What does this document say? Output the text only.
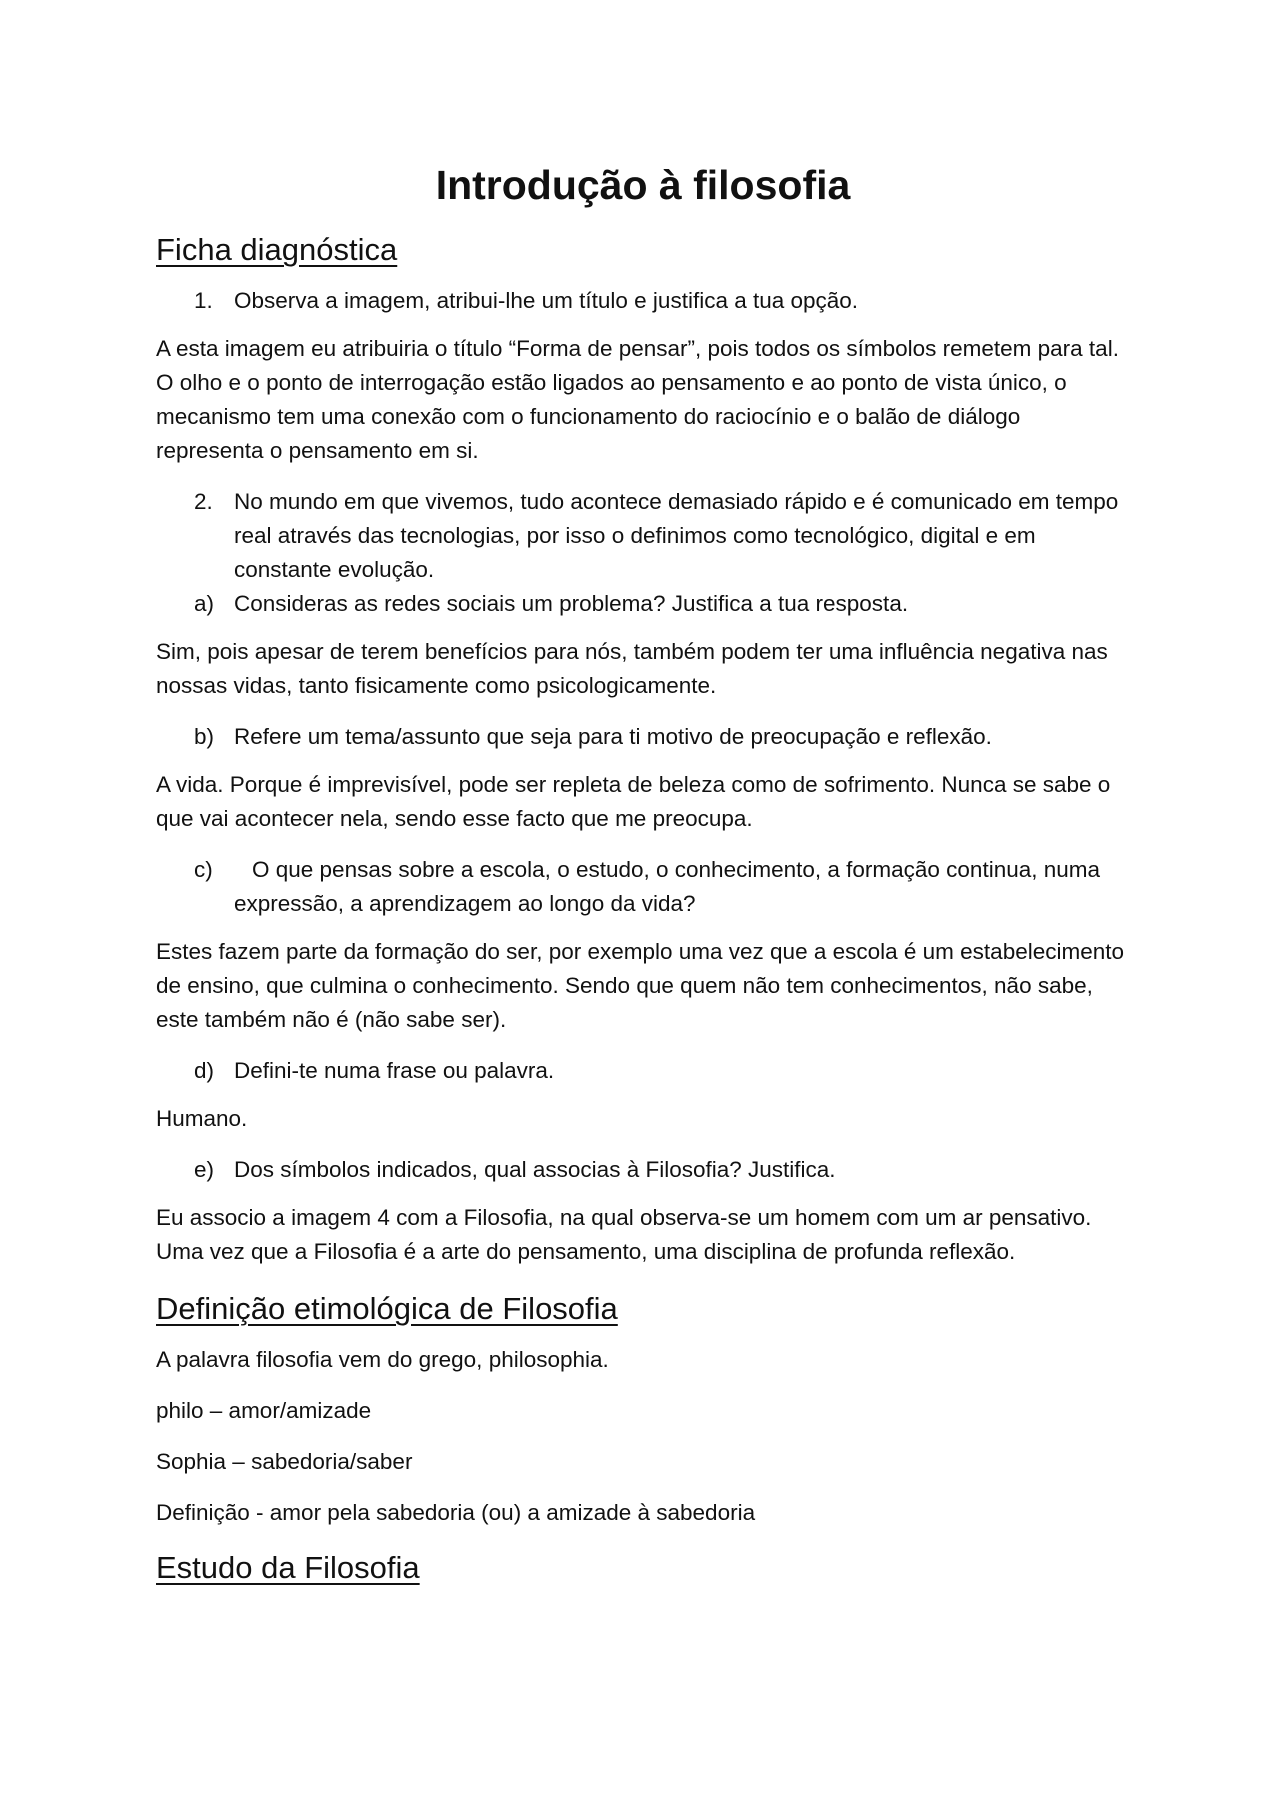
Introdução à filosofia
Ficha diagnóstica
1. Observa a imagem, atribui-lhe um título e justifica a tua opção.

A esta imagem eu atribuiria o título “Forma de pensar”, pois todos os símbolos remetem para tal. O olho e o ponto de interrogação estão ligados ao pensamento e ao ponto de vista único, o mecanismo tem uma conexão com o funcionamento do raciocínio e o balão de diálogo representa o pensamento em si.

2. No mundo em que vivemos, tudo acontece demasiado rápido e é comunicado em tempo real através das tecnologias, por isso o definimos como tecnológico, digital e em constante evolução.
a) Consideras as redes sociais um problema? Justifica a tua resposta.

Sim, pois apesar de terem benefícios para nós, também podem ter uma influência negativa nas nossas vidas, tanto fisicamente como psicologicamente.

b) Refere um tema/assunto que seja para ti motivo de preocupação e reflexão.

A vida. Porque é imprevisível, pode ser repleta de beleza como de sofrimento. Nunca se sabe o que vai acontecer nela, sendo esse facto que me preocupa.

c)	O que pensas sobre a escola, o estudo, o conhecimento, a formação continua, numa expressão, a aprendizagem ao longo da vida?

Estes fazem parte da formação do ser, por exemplo uma vez que a escola é um estabelecimento de ensino, que culmina o conhecimento. Sendo que quem não tem conhecimentos, não sabe, este também não é (não sabe ser).

d) Defini-te numa frase ou palavra.

Humano.

e) Dos símbolos indicados, qual associas à Filosofia? Justifica.

Eu associo a imagem 4 com a Filosofia, na qual observa-se um homem com um ar pensativo. Uma vez que a Filosofia é a arte do pensamento, uma disciplina de profunda reflexão.

Definição etimológica de Filosofia

A palavra filosofia vem do grego, philosophia.

philo – amor/amizade

Sophia – sabedoria/saber

Definição - amor pela sabedoria (ou) a amizade à sabedoria

Estudo da Filosofia
